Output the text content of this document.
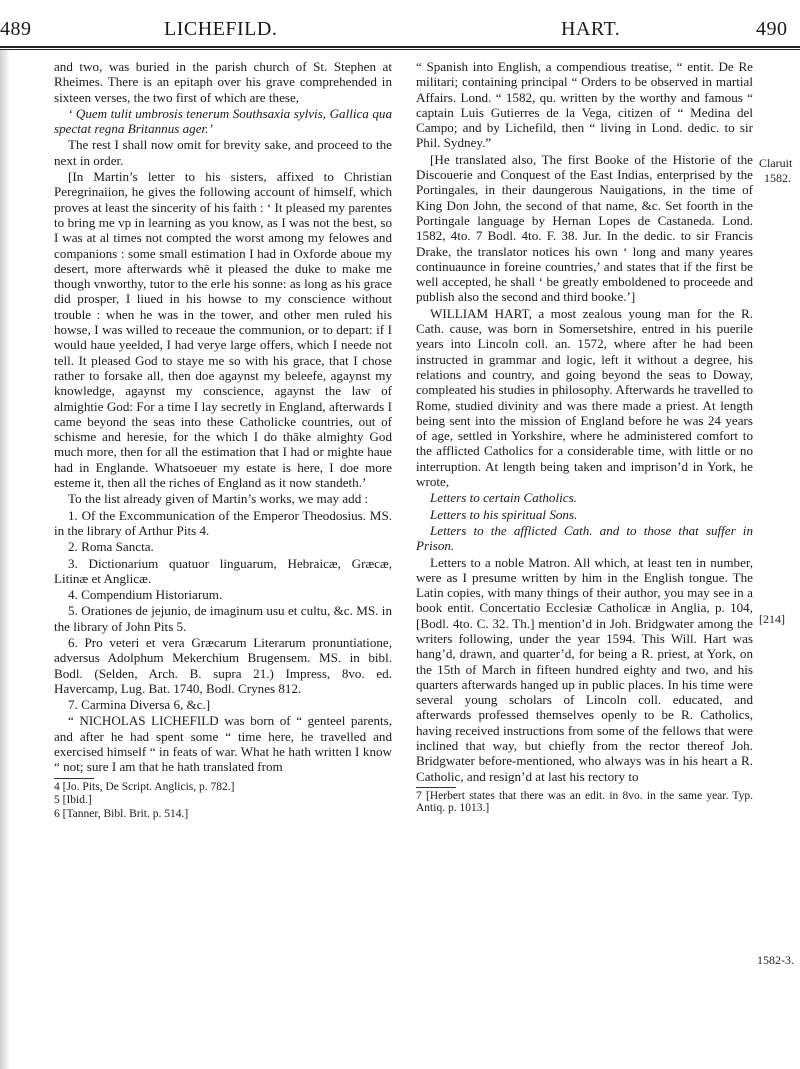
489	LICHEFILD.	HART.	490

and two, was buried in the parish church of St. Stephen at Rheimes. There is an epitaph over his grave comprehended in sixteen verses, the two first of which are these,

‘ Quem tulit umbrosis tenerum Southsaxia sylvis, Gallica qua spectat regna Britannus ager.’

The rest I shall now omit for brevity sake, and proceed to the next in order.

[In Martin’s letter to his sisters, affixed to Christian Peregrinaiion, he gives the following account of himself, which proves at least the sincerity of his faith : ‘ It pleased my parentes to bring me vp in learning as you know, as I was not the best, so I was at al times not compted the worst among my felowes and companions : some small estimation I had in Oxforde aboue my desert, more afterwards whē it pleased the duke to make me though vnworthy, tutor to the erle his sonne: as long as his grace did prosper, I liued in his howse to my conscience without trouble : when he was in the tower, and other men ruled his howse, I was willed to receaue the communion, or to depart: if I would haue yeelded, I had verye large offers, which I neede not tell. It pleased God to staye me so with his grace, that I chose rather to forsake all, then doe agaynst my beleefe, agaynst my knowledge, agaynst my conscience, agaynst the law of almightie God: For a time I lay secretly in England, afterwards I came beyond the seas into these Catholicke countries, out of schisme and heresie, for the which I do thāke almighty God much more, then for all the estimation that I had or mighte haue had in Englande. Whatsoeuer my estate is here, I doe more esteme it, then all the riches of England as it now standeth.’

To the list already given of Martin’s works, we may add :

1. Of the Excommunication of the Emperor Theodosius. MS. in the library of Arthur Pits 4.

2. Roma Sancta.

3. Dictionarium quatuor linguarum, Hebraicæ, Græcæ, Litinæ et Anglicæ.

4. Compendium Historiarum.

5. Orationes de jejunio, de imaginum usu et cultu, &c. MS. in the library of John Pits 5.

6. Pro veteri et vera Græcarum Literarum pronuntiatione, adversus Adolphum Mekerchium Brugensem. MS. in bibl. Bodl. (Selden, Arch. B. supra 21.) Impress, 8vo. ed. Havercamp, Lug. Bat. 1740, Bodl. Crynes 812.

7. Carmina Diversa 6, &c.]

“ NICHOLAS LICHEFILD was born of “ genteel parents, and after he had spent some “ time here, he travelled and exercised himself “ in feats of war. What he hath written I know “ not; sure I am that he hath translated from

4 [Jo. Pits, De Script. Anglicis, p. 782.]

5 [Ibid.]

6 [Tanner, Bibl. Brit. p. 514.]

“ Spanish into English, a compendious treatise, “ entit. De Re militari; containing principal “ Orders to be observed in martial Affairs. Lond. “ 1582, qu. written by the worthy and famous “ captain Luis Gutierres de la Vega, citizen of “ Medina del Campo; and by Lichefild, then “ living in Lond. dedic. to sir Phil. Sydney.”

[He translated also, The first Booke of the Historie of the Discouerie and Conquest of the East Indias, enterprised by the Portingales, in their daungerous Nauigations, in the time of King Don John, the second of that name, &c. Set foorth in the Portingale language by Hernan Lopes de Castaneda. Lond. 1582, 4to. 7 Bodl. 4to. F. 38. Jur. In the dedic. to sir Francis Drake, the translator notices his own ‘ long and many yeares continuaunce in foreine countries,’ and states that if the first be well accepted, he shall ‘ be greatly emboldened to proceede and publish also the second and third booke.’]

WILLIAM HART, a most zealous young man for the R. Cath. cause, was born in Somersetshire, entred in his puerile years into Lincoln coll. an. 1572, where after he had been instructed in grammar and logic, left it without a degree, his relations and country, and going beyond the seas to Doway, compleated his studies in philosophy. Afterwards he travelled to Rome, studied divinity and was there made a priest. At length being sent into the mission of England before he was 24 years of age, settled in Yorkshire, where he administered comfort to the afflicted Catholics for a considerable time, with little or no interruption. At length being taken and imprison’d in York, he wrote,

Letters to certain Catholics.

Letters to his spiritual Sons.

Letters to the afflicted Cath. and to those that suffer in Prison.

Letters to a noble Matron. All which, at least ten in number, were as I presume written by him in the English tongue. The Latin copies, with many things of their author, you may see in a book entit. Concertatio Ecclesiæ Catholicæ in Anglia, p. 104, [Bodl. 4to. C. 32. Th.] mention’d in Joh. Bridgwater among the writers following, under the year 1594. This Will. Hart was hang’d, drawn, and quarter’d, for being a R. priest, at York, on the 15th of March in fifteen hundred eighty and two, and his quarters afterwards hanged up in public places. In his time were several young scholars of Lincoln coll. educated, and afterwards professed themselves openly to be R. Catholics, having received instructions from some of the fellows that were inclined that way, but chiefly from the rector thereof Joh. Bridgwater before-mentioned, who always was in his heart a R. Catholic, and resign’d at last his rectory to

7 [Herbert states that there was an edit. in 8vo. in the same year. Typ. Antiq. p. 1013.]

Claruit
1582.
[214]
1582-3.
